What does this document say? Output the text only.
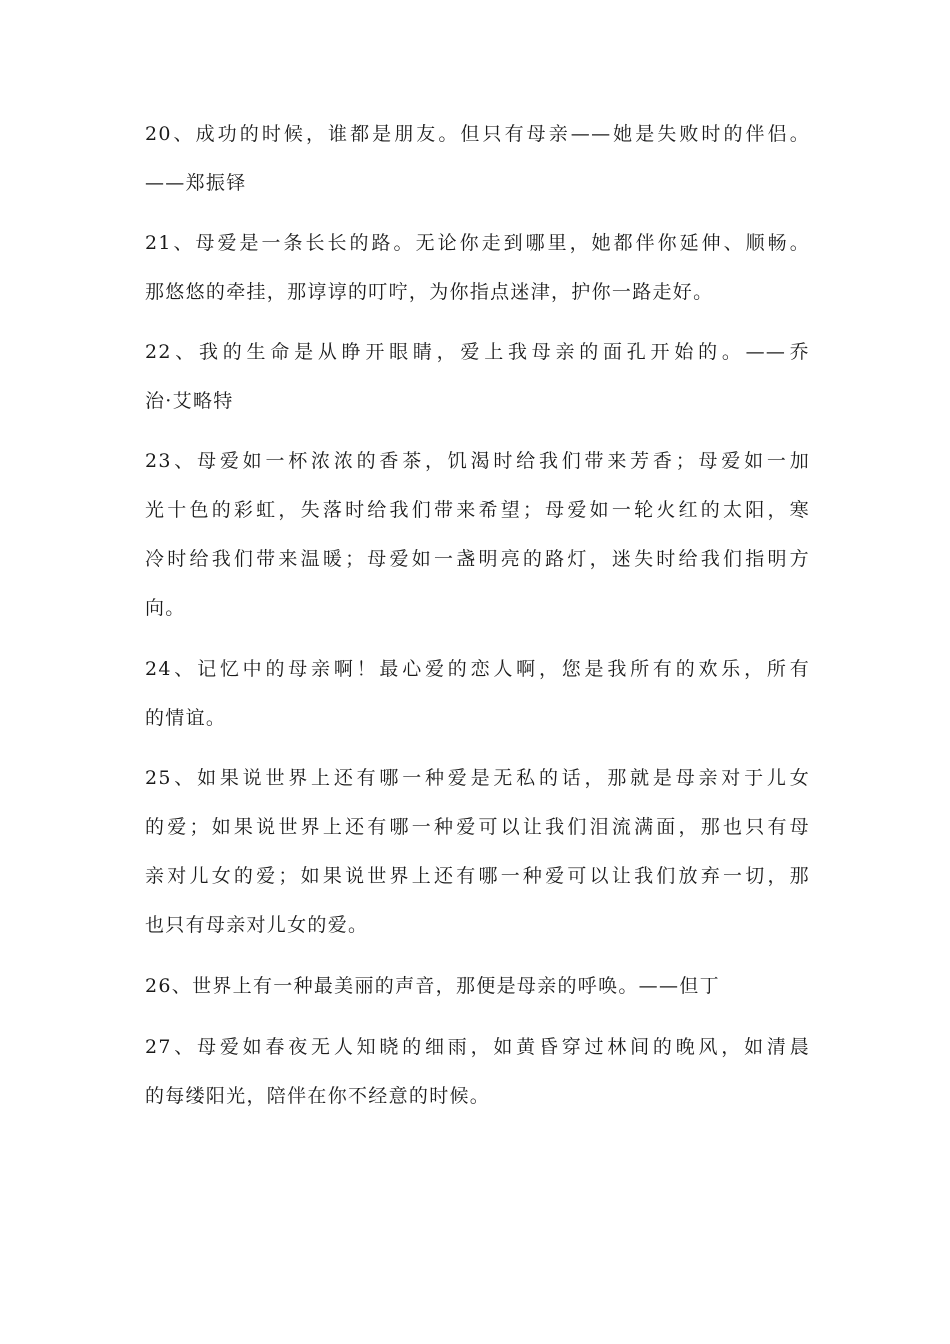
20、成功的时候，谁都是朋友。但只有母亲——她是失败时的伴侣。
——郑振铎

21、母爱是一条长长的路。无论你走到哪里，她都伴你延伸、顺畅。
那悠悠的牵挂，那谆谆的叮咛，为你指点迷津，护你一路走好。

22、我的生命是从睁开眼睛，爱上我母亲的面孔开始的。——乔
治·艾略特

23、母爱如一杯浓浓的香茶，饥渴时给我们带来芳香；母爱如一加
光十色的彩虹，失落时给我们带来希望；母爱如一轮火红的太阳，寒
冷时给我们带来温暖；母爱如一盏明亮的路灯，迷失时给我们指明方
向。

24、记忆中的母亲啊！最心爱的恋人啊，您是我所有的欢乐，所有
的情谊。

25、如果说世界上还有哪一种爱是无私的话，那就是母亲对于儿女
的爱；如果说世界上还有哪一种爱可以让我们泪流满面，那也只有母
亲对儿女的爱；如果说世界上还有哪一种爱可以让我们放弃一切，那
也只有母亲对儿女的爱。

26、世界上有一种最美丽的声音，那便是母亲的呼唤。——但丁

27、母爱如春夜无人知晓的细雨，如黄昏穿过林间的晚风，如清晨
的每缕阳光，陪伴在你不经意的时候。
